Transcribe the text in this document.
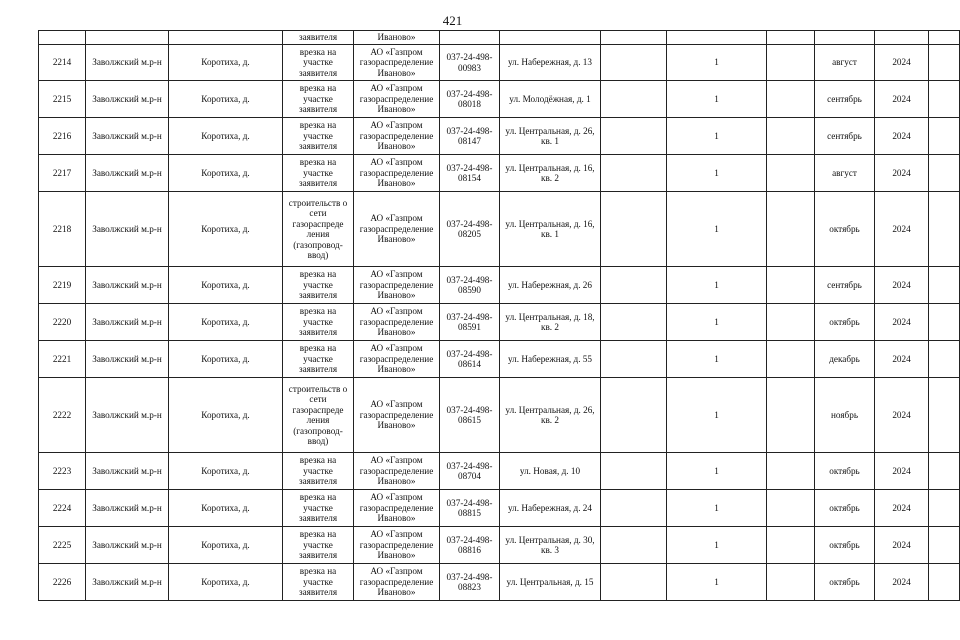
421
			заявителя	Иваново»								
2214	Заволжский м.р-н	Коротиха, д.	врезка на участке заявителя	АО «Газпром газораспределение Иваново»	037-24-498-00983	ул. Набережная, д. 13		1		август	2024	
2215	Заволжский м.р-н	Коротиха, д.	врезка на участке заявителя	АО «Газпром газораспределение Иваново»	037-24-498-08018	ул. Молодёжная, д. 1		1		сентябрь	2024	
2216	Заволжский м.р-н	Коротиха, д.	врезка на участке заявителя	АО «Газпром газораспределение Иваново»	037-24-498-08147	ул. Центральная, д. 26, кв. 1		1		сентябрь	2024	
2217	Заволжский м.р-н	Коротиха, д.	врезка на участке заявителя	АО «Газпром газораспределение Иваново»	037-24-498-08154	ул. Центральная, д. 16, кв. 2		1		август	2024	
2218	Заволжский м.р-н	Коротиха, д.	строительств о сети газораспреде ления (газопровод-ввод)	АО «Газпром газораспределение Иваново»	037-24-498-08205	ул. Центральная, д. 16, кв. 1		1		октябрь	2024	
2219	Заволжский м.р-н	Коротиха, д.	врезка на участке заявителя	АО «Газпром газораспределение Иваново»	037-24-498-08590	ул. Набережная, д. 26		1		сентябрь	2024	
2220	Заволжский м.р-н	Коротиха, д.	врезка на участке заявителя	АО «Газпром газораспределение Иваново»	037-24-498-08591	ул. Центральная, д. 18, кв. 2		1		октябрь	2024	
2221	Заволжский м.р-н	Коротиха, д.	врезка на участке заявителя	АО «Газпром газораспределение Иваново»	037-24-498-08614	ул. Набережная, д. 55		1		декабрь	2024	
2222	Заволжский м.р-н	Коротиха, д.	строительств о сети газораспреде ления (газопровод-ввод)	АО «Газпром газораспределение Иваново»	037-24-498-08615	ул. Центральная, д. 26, кв. 2		1		ноябрь	2024	
2223	Заволжский м.р-н	Коротиха, д.	врезка на участке заявителя	АО «Газпром газораспределение Иваново»	037-24-498-08704	ул. Новая, д. 10		1		октябрь	2024	
2224	Заволжский м.р-н	Коротиха, д.	врезка на участке заявителя	АО «Газпром газораспределение Иваново»	037-24-498-08815	ул. Набережная, д. 24		1		октябрь	2024	
2225	Заволжский м.р-н	Коротиха, д.	врезка на участке заявителя	АО «Газпром газораспределение Иваново»	037-24-498-08816	ул. Центральная, д. 30, кв. 3		1		октябрь	2024	
2226	Заволжский м.р-н	Коротиха, д.	врезка на участке заявителя	АО «Газпром газораспределение Иваново»	037-24-498-08823	ул. Центральная, д. 15		1		октябрь	2024	
